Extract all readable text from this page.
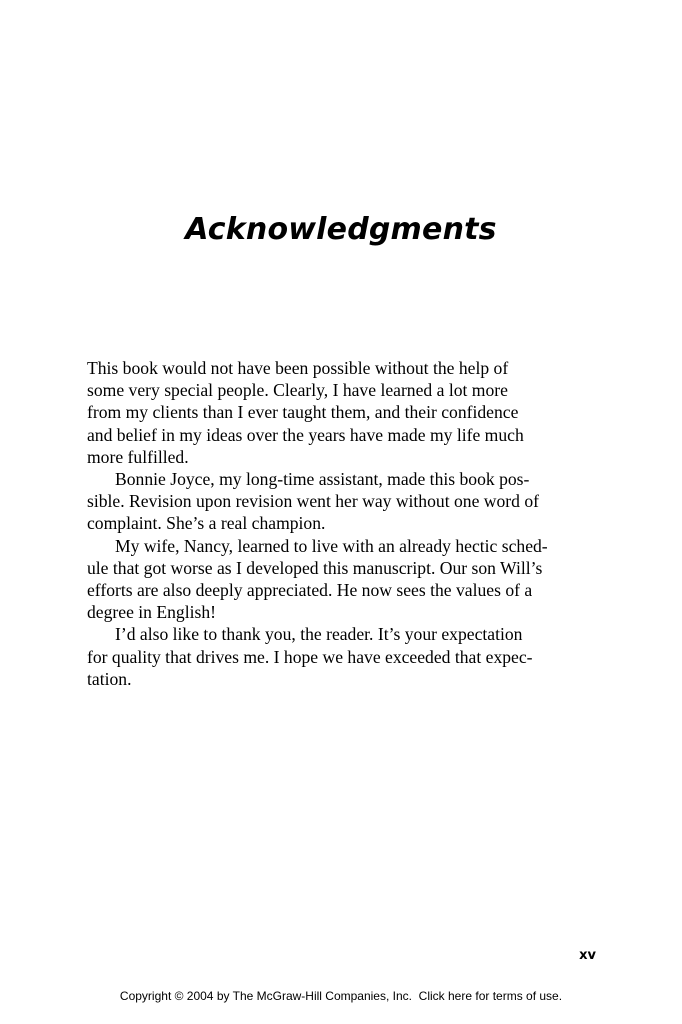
Acknowledgments
This book would not have been possible without the help of
some very special people. Clearly, I have learned a lot more
from my clients than I ever taught them, and their confidence
and belief in my ideas over the years have made my life much
more fulfilled.
Bonnie Joyce, my long-time assistant, made this book pos-
sible. Revision upon revision went her way without one word of
complaint. She’s a real champion.
My wife, Nancy, learned to live with an already hectic sched-
ule that got worse as I developed this manuscript. Our son Will’s
efforts are also deeply appreciated. He now sees the values of a
degree in English!
I’d also like to thank you, the reader. It’s your expectation
for quality that drives me. I hope we have exceeded that expec-
tation.
xv
Copyright © 2004 by The McGraw-Hill Companies, Inc. Click here for terms of use.
